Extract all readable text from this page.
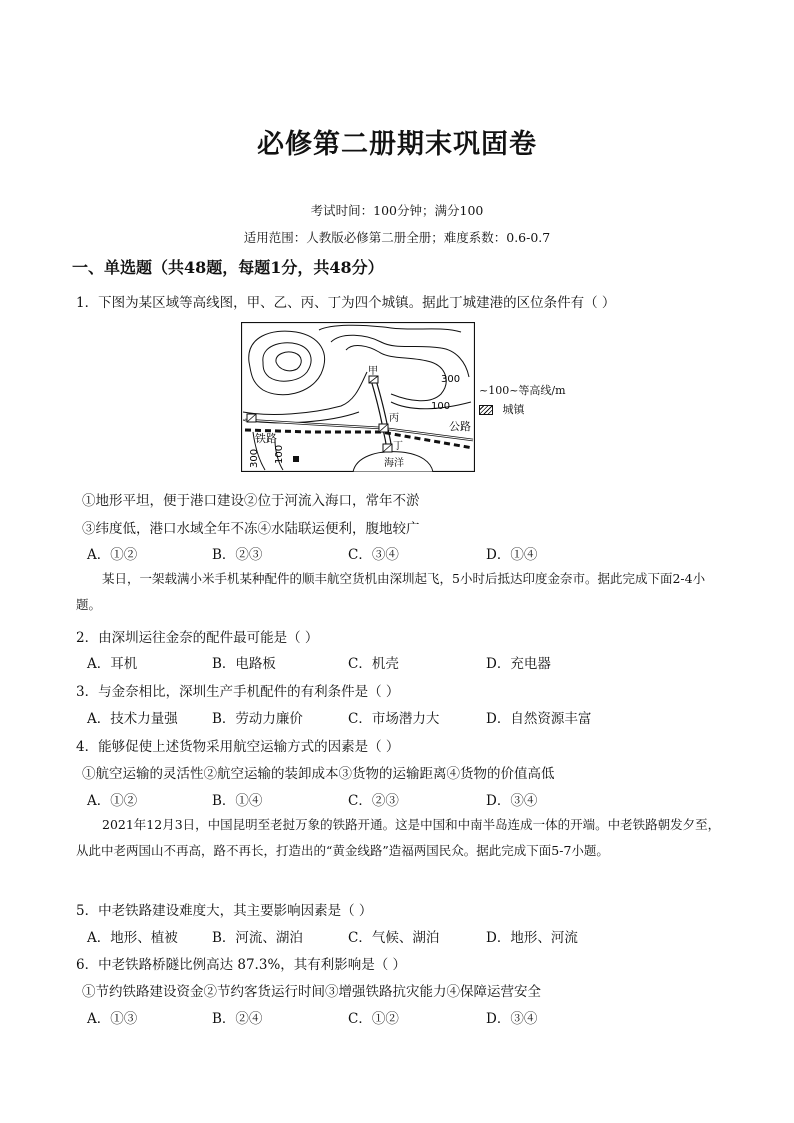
必修第二册期末巩固卷
考试时间：100分钟；满分100
适用范围：人教版必修第二册全册；难度系数：0.6-0.7
一、单选题（共48题，每题1分，共48分）
1．下图为某区域等高线图，甲、乙、丙、丁为四个城镇。据此丁城建港的区位条件有（ ）
甲
丙
丁
300
100
公路
铁路
海洋
300 100
~100~等高线/m
城镇
①地形平坦，便于港口建设②位于河流入海口，常年不淤
③纬度低，港口水域全年不冻④水陆联运便利，腹地较广
A．①②	B．②③	C．③④	D．①④
某日，一架载满小米手机某种配件的顺丰航空货机由深圳起飞，5小时后抵达印度金奈市。据此完成下面2-4小题。
2．由深圳运往金奈的配件最可能是（ ）
A．耳机	B．电路板	C．机壳	D．充电器
3．与金奈相比，深圳生产手机配件的有利条件是（ ）
A．技术力量强	B．劳动力廉价	C．市场潜力大	D．自然资源丰富
4．能够促使上述货物采用航空运输方式的因素是（ ）
①航空运输的灵活性②航空运输的装卸成本③货物的运输距离④货物的价值高低
A．①②	B．①④	C．②③	D．③④
2021年12月3日，中国昆明至老挝万象的铁路开通。这是中国和中南半岛连成一体的开端。中老铁路朝发夕至，从此中老两国山不再高，路不再长，打造出的“黄金线路”造福两国民众。据此完成下面5-7小题。
5．中老铁路建设难度大，其主要影响因素是（ ）
A．地形、植被	B．河流、湖泊	C．气候、湖泊	D．地形、河流
6．中老铁路桥隧比例高达 87.3%，其有利影响是（ ）
①节约铁路建设资金②节约客货运行时间③增强铁路抗灾能力④保障运营安全
A．①③	B．②④	C．①②	D．③④
